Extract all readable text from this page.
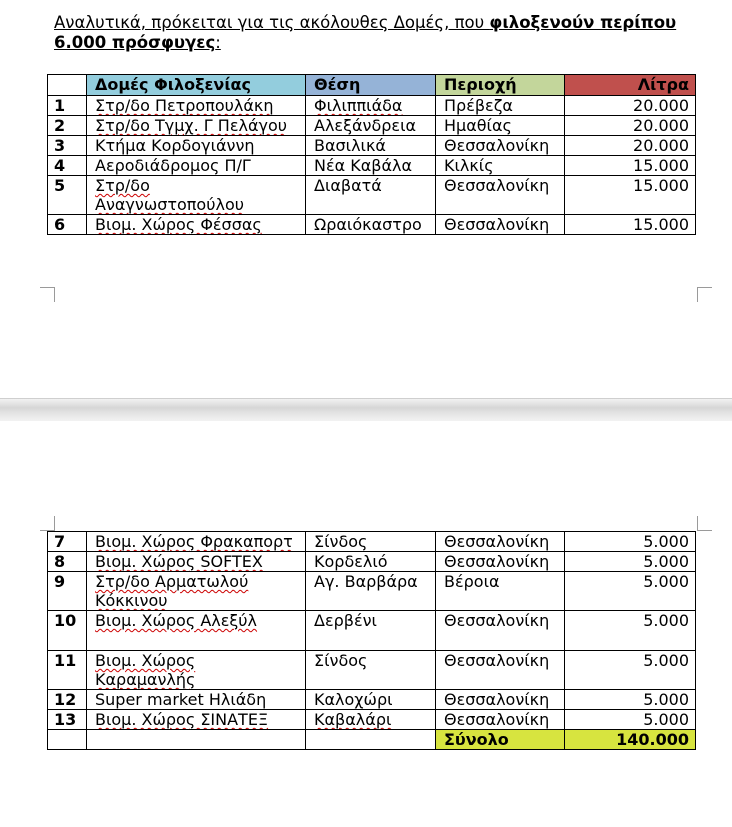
Αναλυτικά, πρόκειται για τις ακόλουθες Δομές, που φιλοξενούν περίπου 6.000 πρόσφυγες:
	Δομές Φιλοξενίας	Θέση	Περιοχή	Λίτρα
1	Στρ/δο Πετροπουλάκη	Φιλιππιάδα	Πρέβεζα	20.000
2	Στρ/δο Τγμχ. Γ Πελάγου	Αλεξάνδρεια	Ημαθίας	20.000
3	Κτήμα Κορδογιάννη	Βασιλικά	Θεσσαλονίκη	20.000
4	Αεροδιάδρομος Π/Γ	Νέα Καβάλα	Κιλκίς	15.000
5	Στρ/δο Αναγνωστοπούλου	Διαβατά	Θεσσαλονίκη	15.000
6	Βιομ. Χώρος Φέσσας	Ωραιόκαστρο	Θεσσαλονίκη	15.000
7	Βιομ. Χώρος Φρακαπορτ	Σίνδος	Θεσσαλονίκη	5.000
8	Βιομ. Χώρος SOFTEX	Κορδελιό	Θεσσαλονίκη	5.000
9	Στρ/δο Αρματωλού Κόκκινου	Αγ. Βαρβάρα	Βέροια	5.000
10	Βιομ. Χώρος Αλεξύλ	Δερβένι	Θεσσαλονίκη	5.000
11	Βιομ. Χώρος Καραμανλής	Σίνδος	Θεσσαλονίκη	5.000
12	Super market Ηλιάδη	Καλοχώρι	Θεσσαλονίκη	5.000
13	Βιομ. Χώρος ΣΙΝΑΤΕΞ	Καβαλάρι	Θεσσαλονίκη	5.000
			Σύνολο	140.000
